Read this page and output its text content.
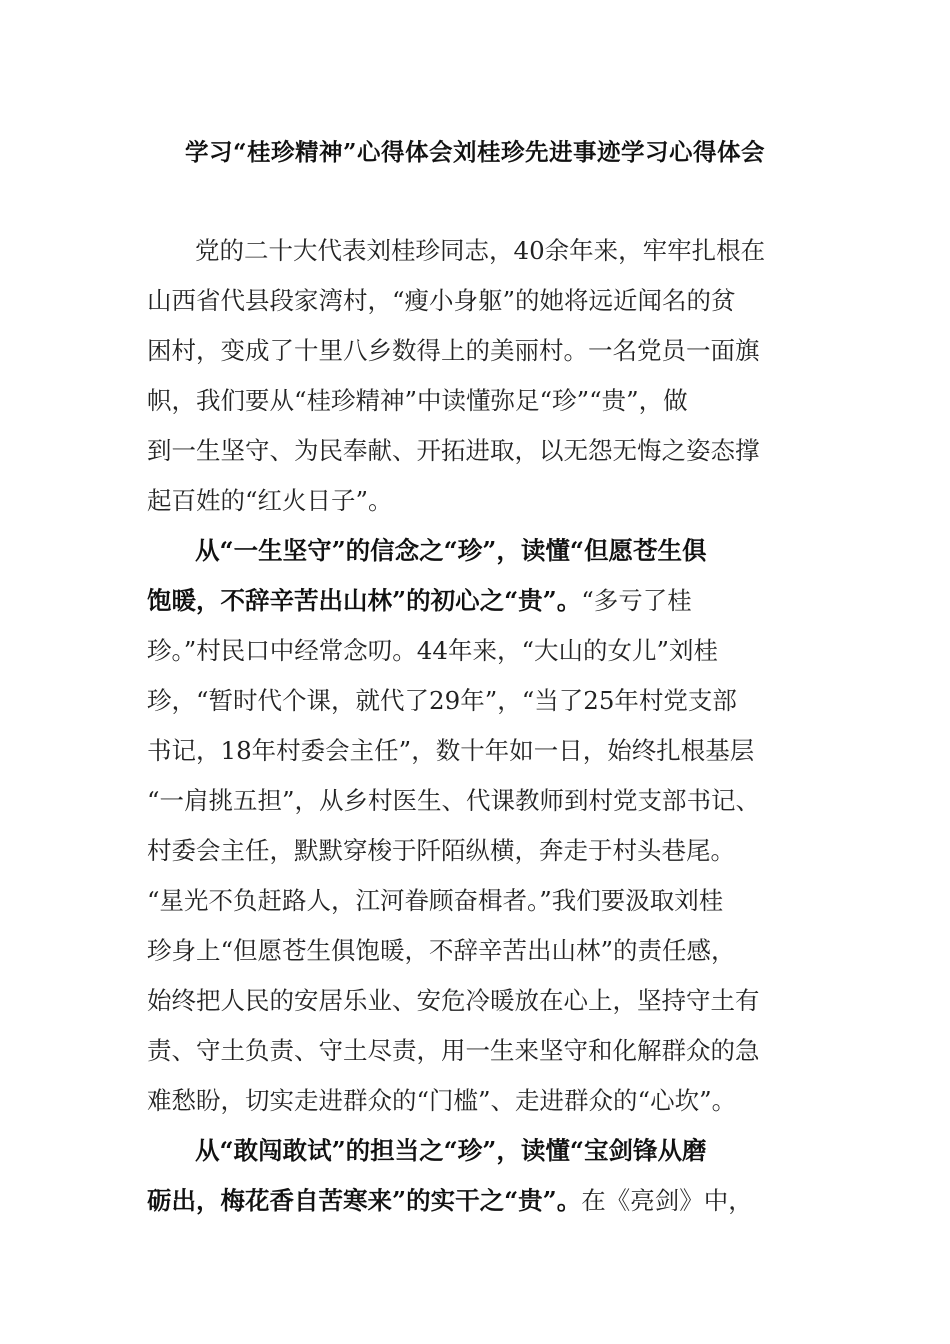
学习“桂珍精神”心得体会刘桂珍先进事迹学习心得体会
党的二十大代表刘桂珍同志，40余年来，牢牢扎根在
山西省代县段家湾村，“瘦小身躯”的她将远近闻名的贫
困村，变成了十里八乡数得上的美丽村。一名党员一面旗
帜，我们要从“桂珍精神”中读懂弥足“珍”“贵”，做
到一生坚守、为民奉献、开拓进取，以无怨无悔之姿态撑
起百姓的“红火日子”。
从“一生坚守”的信念之“珍”，读懂“但愿苍生俱
饱暖，不辞辛苦出山林”的初心之“贵”。“多亏了桂
珍。”村民口中经常念叨。44年来，“大山的女儿”刘桂
珍，“暂时代个课，就代了29年”，“当了25年村党支部
书记，18年村委会主任”，数十年如一日，始终扎根基层
“一肩挑五担”，从乡村医生、代课教师到村党支部书记、
村委会主任，默默穿梭于阡陌纵横，奔走于村头巷尾。
“星光不负赶路人，江河眷顾奋楫者。”我们要汲取刘桂
珍身上“但愿苍生俱饱暖，不辞辛苦出山林”的责任感，
始终把人民的安居乐业、安危冷暖放在心上，坚持守土有
责、守土负责、守土尽责，用一生来坚守和化解群众的急
难愁盼，切实走进群众的“门槛”、走进群众的“心坎”。
从“敢闯敢试”的担当之“珍”，读懂“宝剑锋从磨
砺出，梅花香自苦寒来”的实干之“贵”。在《亮剑》中，
